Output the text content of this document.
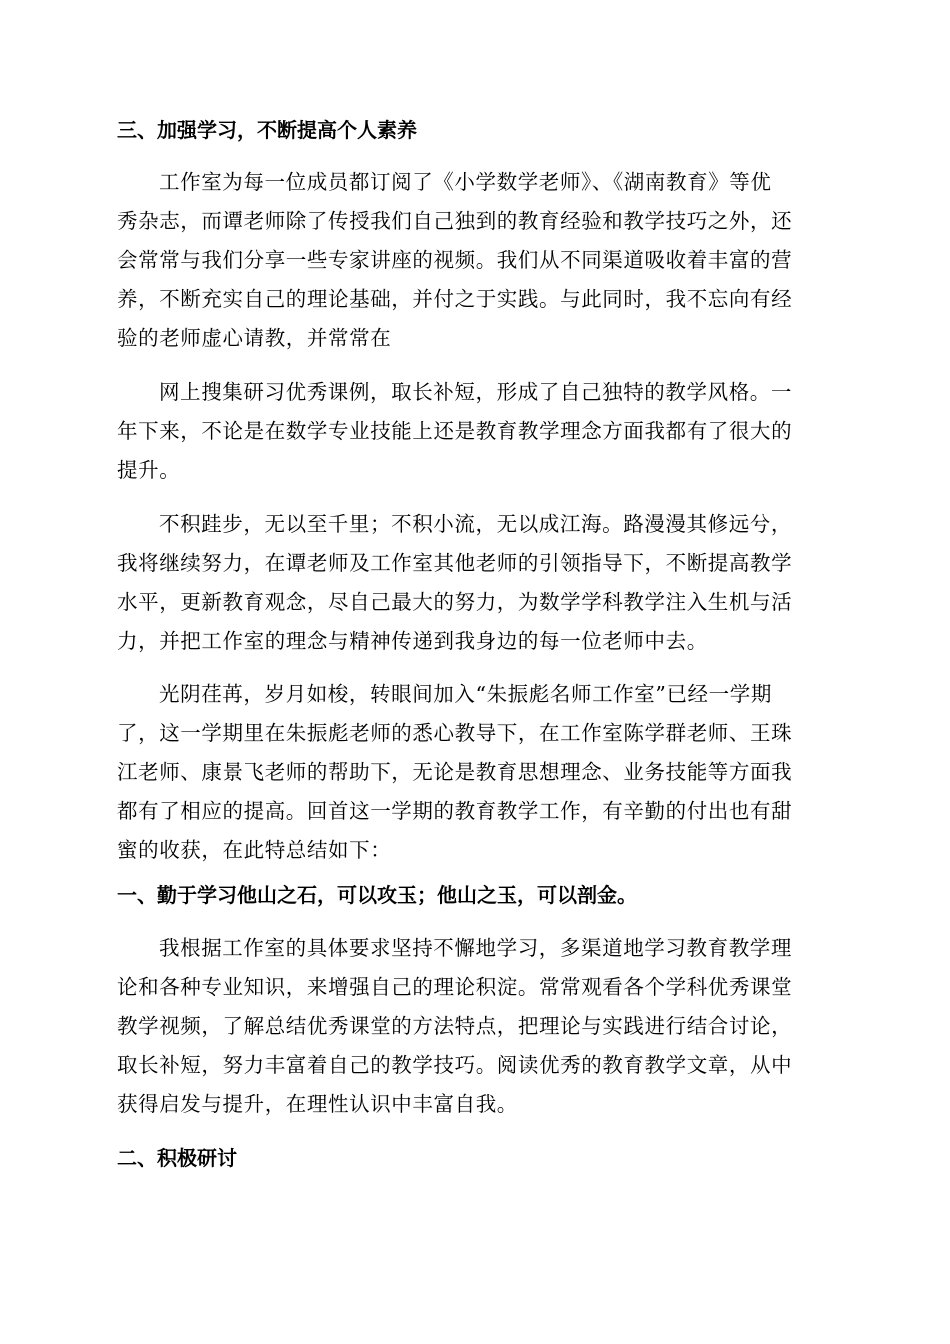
三、加强学习，不断提高个人素养
工作室为每一位成员都订阅了《小学数学老师》、《湖南教育》等优
秀杂志，而谭老师除了传授我们自己独到的教育经验和教学技巧之外，还
会常常与我们分享一些专家讲座的视频。我们从不同渠道吸收着丰富的营
养，不断充实自己的理论基础，并付之于实践。与此同时，我不忘向有经
验的老师虚心请教，并常常在
网上搜集研习优秀课例，取长补短，形成了自己独特的教学风格。一
年下来，不论是在数学专业技能上还是教育教学理念方面我都有了很大的
提升。
不积跬步，无以至千里；不积小流，无以成江海。路漫漫其修远兮，
我将继续努力，在谭老师及工作室其他老师的引领指导下，不断提高教学
水平，更新教育观念，尽自己最大的努力，为数学学科教学注入生机与活
力，并把工作室的理念与精神传递到我身边的每一位老师中去。
光阴荏苒，岁月如梭，转眼间加入“朱振彪名师工作室”已经一学期
了，这一学期里在朱振彪老师的悉心教导下，在工作室陈学群老师、王珠
江老师、康景飞老师的帮助下，无论是教育思想理念、业务技能等方面我
都有了相应的提高。回首这一学期的教育教学工作，有辛勤的付出也有甜
蜜的收获，在此特总结如下：
一、勤于学习他山之石，可以攻玉；他山之玉，可以剖金。
我根据工作室的具体要求坚持不懈地学习，多渠道地学习教育教学理
论和各种专业知识，来增强自己的理论积淀。常常观看各个学科优秀课堂
教学视频，了解总结优秀课堂的方法特点，把理论与实践进行结合讨论，
取长补短，努力丰富着自己的教学技巧。阅读优秀的教育教学文章，从中
获得启发与提升，在理性认识中丰富自我。
二、积极研讨
